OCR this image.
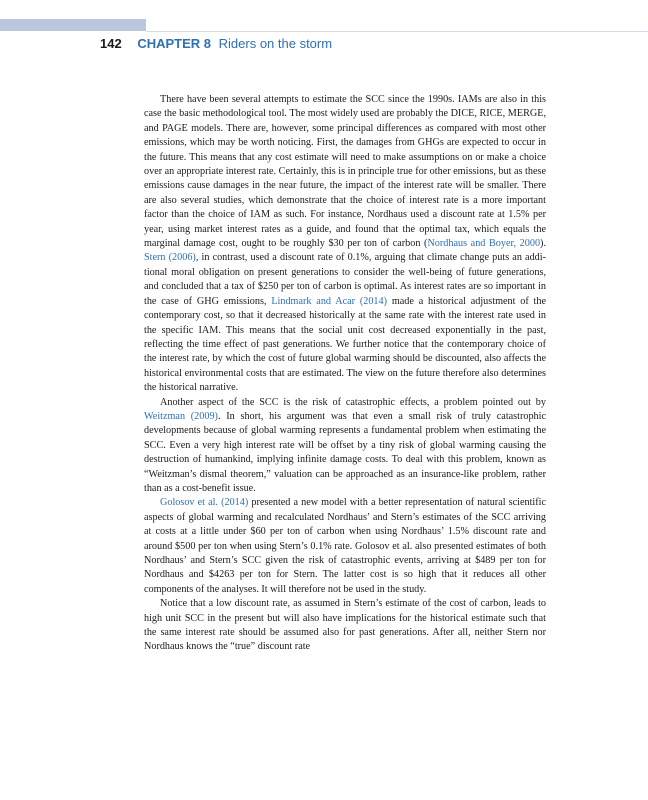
142 CHAPTER 8 Riders on the storm

There have been several attempts to estimate the SCC since the 1990s. IAMs are also in this case the basic methodological tool. The most widely used are probably the DICE, RICE, MERGE, and PAGE models. There are, however, some principal differences as compared with most other emissions, which may be worth noticing. First, the damages from GHGs are expected to occur in the future. This means that any cost estimate will need to make assumptions on or make a choice over an appropriate interest rate. Certainly, this is in principle true for other emissions, but as these emissions cause damages in the near future, the impact of the interest rate will be smaller. There are also several studies, which demonstrate that the choice of interest rate is a more important factor than the choice of IAM as such. For instance, Nordhaus used a discount rate at 1.5% per year, using market interest rates as a guide, and found that the optimal tax, which equals the marginal damage cost, ought to be roughly $30 per ton of carbon (Nordhaus and Boyer, 2000). Stern (2006), in contrast, used a discount rate of 0.1%, arguing that climate change puts an additional moral obligation on present generations to consider the well-being of future generations, and concluded that a tax of $250 per ton of carbon is optimal. As interest rates are so important in the case of GHG emissions, Lindmark and Acar (2014) made a historical adjustment of the contemporary cost, so that it decreased historically at the same rate with the interest rate used in the specific IAM. This means that the social unit cost decreased exponentially in the past, reflecting the time effect of past generations. We further notice that the contemporary choice of the interest rate, by which the cost of future global warming should be discounted, also affects the historical environmental costs that are estimated. The view on the future therefore also determines the historical narrative.

Another aspect of the SCC is the risk of catastrophic effects, a problem pointed out by Weitzman (2009). In short, his argument was that even a small risk of truly catastrophic developments because of global warming represents a fundamental problem when estimating the SCC. Even a very high interest rate will be offset by a tiny risk of global warming causing the destruction of humankind, implying infinite damage costs. To deal with this problem, known as “Weitzman’s dismal theorem,” valuation can be approached as an insurance-like problem, rather than as a cost-benefit issue.

Golosov et al. (2014) presented a new model with a better representation of natural scientific aspects of global warming and recalculated Nordhaus’ and Stern’s estimates of the SCC arriving at costs at a little under $60 per ton of carbon when using Nordhaus’ 1.5% discount rate and around $500 per ton when using Stern’s 0.1% rate. Golosov et al. also presented estimates of both Nordhaus’ and Stern’s SCC given the risk of catastrophic events, arriving at $489 per ton for Nordhaus and $4263 per ton for Stern. The latter cost is so high that it reduces all other components of the analyses. It will therefore not be used in the study.

Notice that a low discount rate, as assumed in Stern’s estimate of the cost of carbon, leads to high unit SCC in the present but will also have implications for the historical estimate such that the same interest rate should be assumed also for past generations. After all, neither Stern nor Nordhaus knows the “true” discount rate
